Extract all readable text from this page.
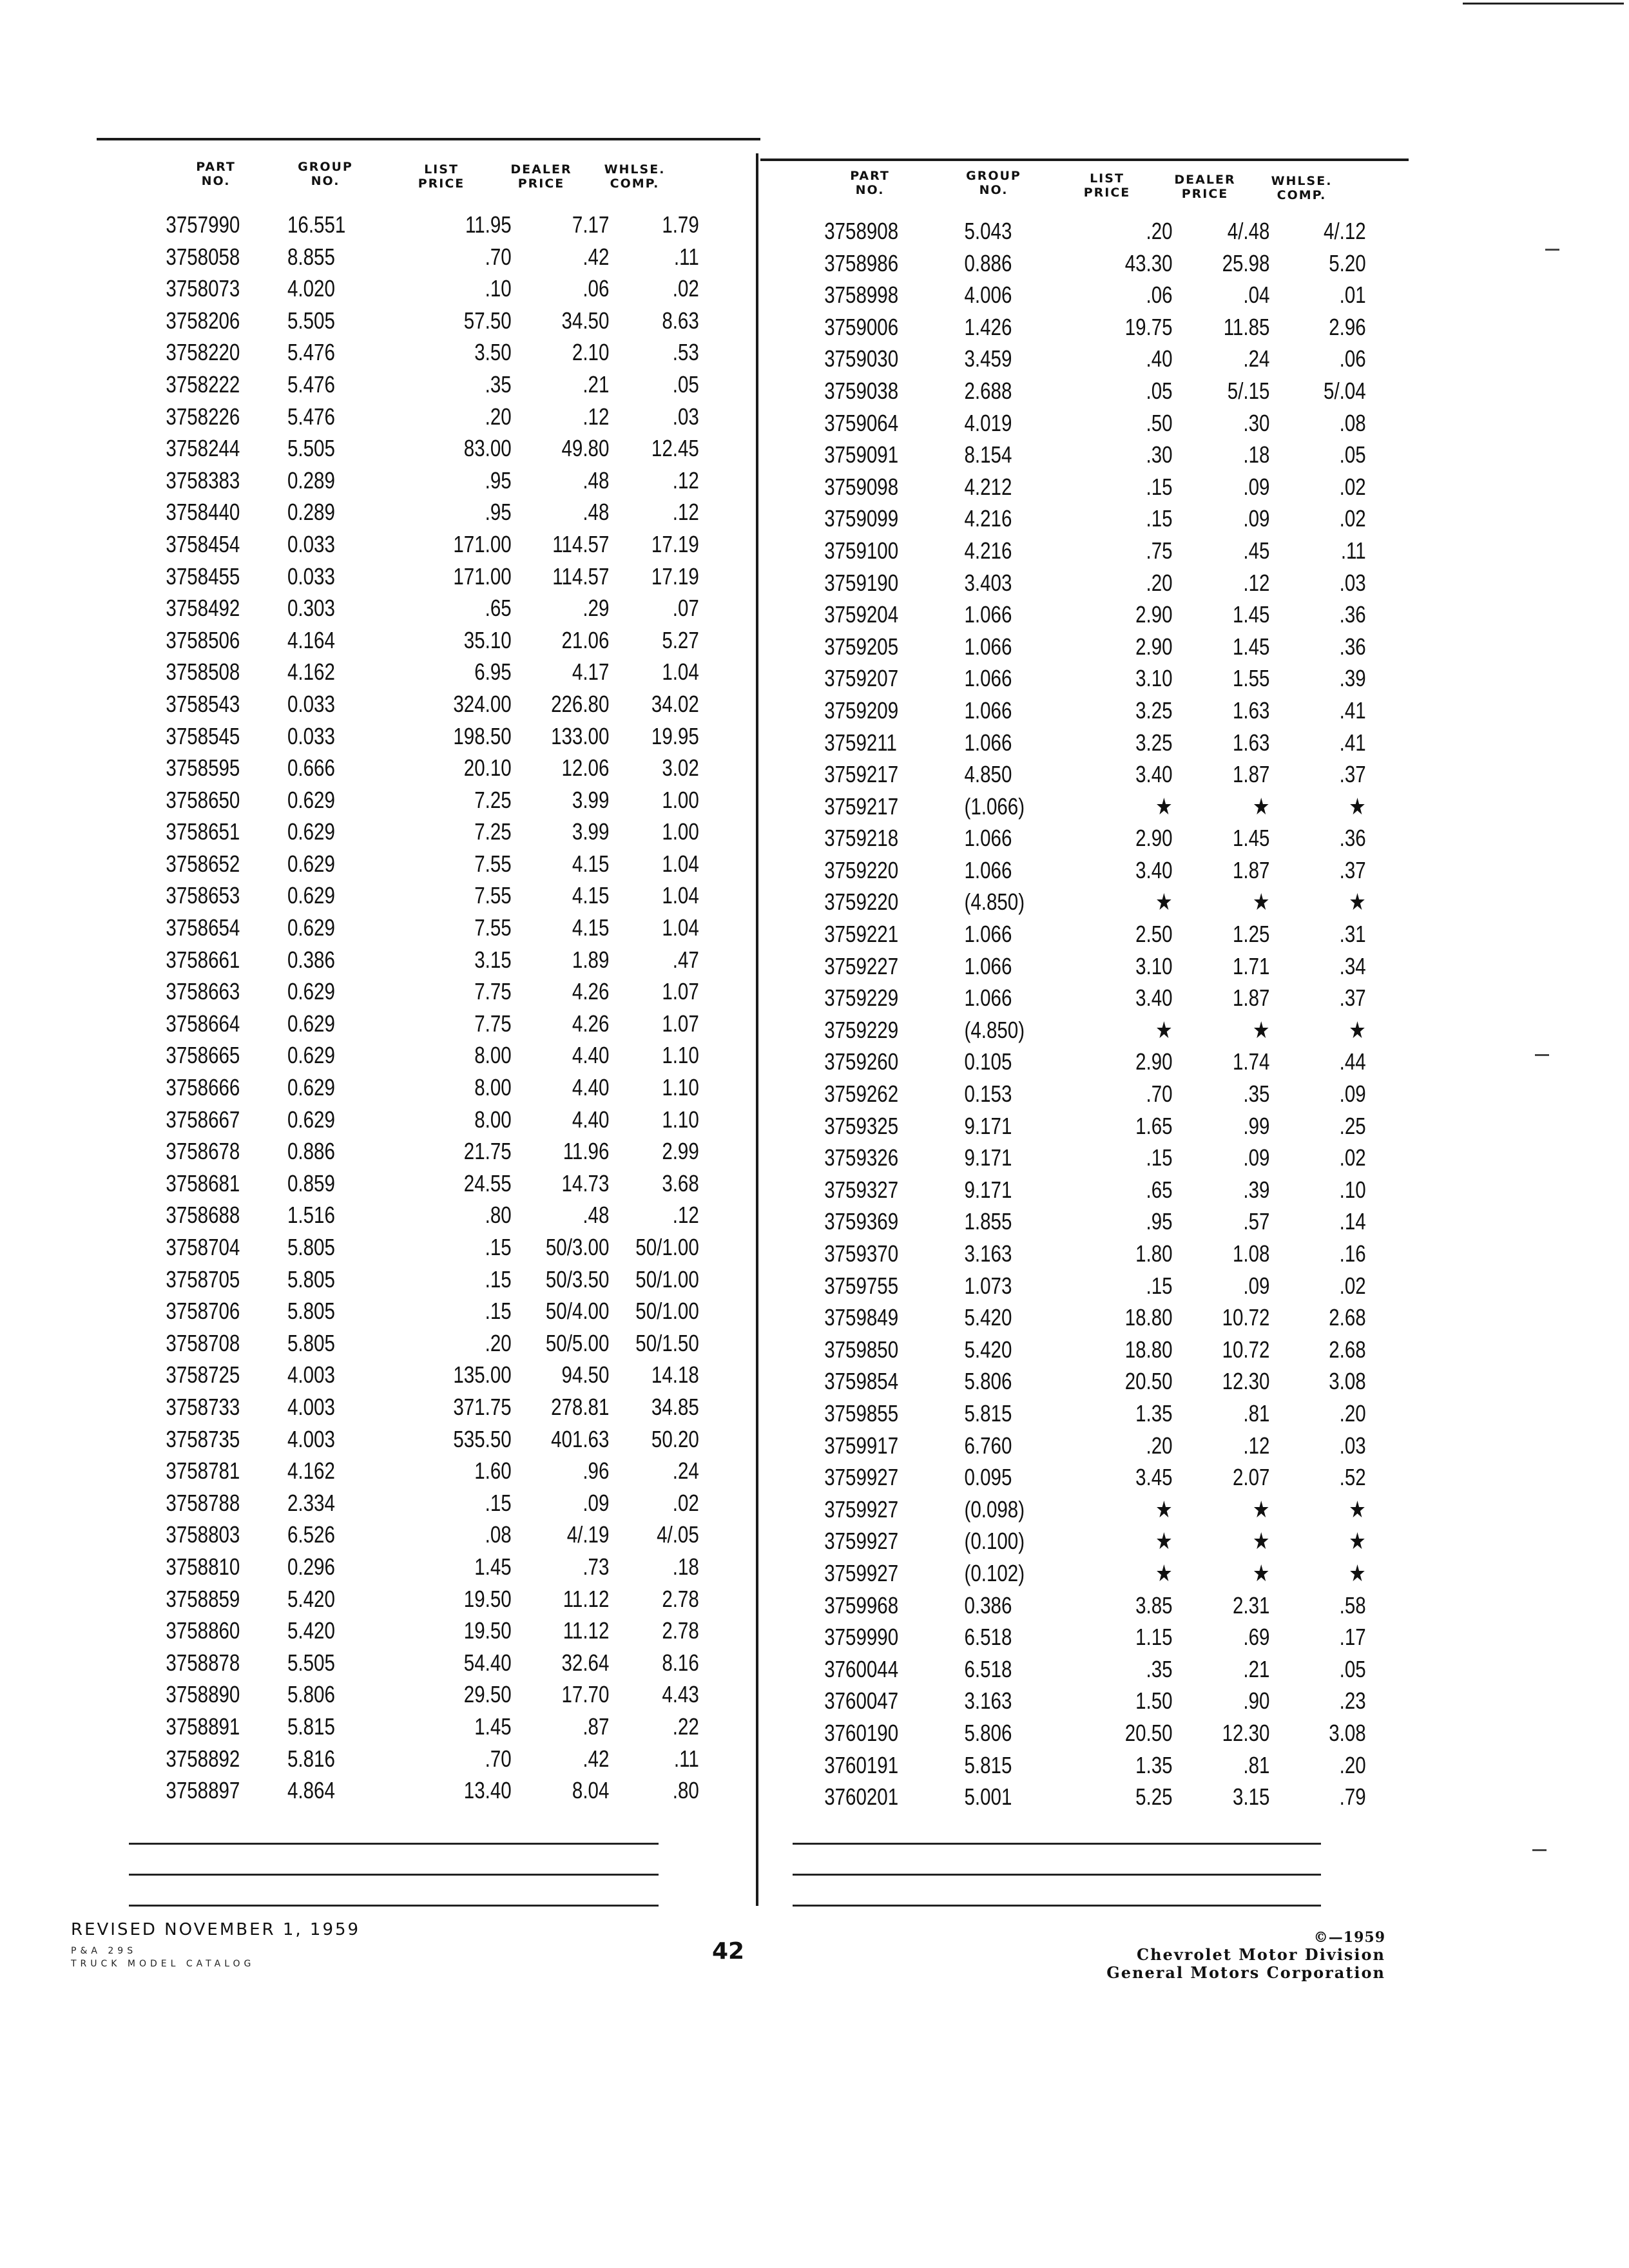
PART
NO.
GROUP
NO.
LIST
PRICE
DEALER
PRICE
WHLSE.
COMP.
3757990 16.551	11.95	7.17 1.79
3758058 8.855	.70	.42	.11
3758073 4.020	.10	.06	.02
3758206 5.505	57.50 34.50 8.63
3758220 5.476	3.50	2.10	.53
3758222 5.476	.35	.21	.05
3758226 5.476	.20	.12	.03
3758244 5.505	83.00 49.80 12.45
3758383 0.289	.95	.48	.12
3758440 0.289	.95	.48	.12
3758454 0.033	171.00 114.57 17.19
3758455 0.033	171.00 114.57 17.19
3758492 0.303	.65	.29	.07
3758506 4.164	35.10 21.06 5.27
3758508 4.162	6.95	4.17 1.04
3758543 0.033	324.00 226.80 34.02
3758545 0.033	198.50 133.00 19.95
3758595 0.666	20.10 12.06 3.02
3758650 0.629	7.25	3.99 1.00
3758651 0.629	7.25	3.99 1.00
3758652 0.629	7.55	4.15 1.04
3758653 0.629	7.55	4.15 1.04
3758654 0.629	7.55	4.15 1.04
3758661 0.386	3.15	1.89	.47
3758663 0.629	7.75	4.26 1.07
3758664 0.629	7.75	4.26 1.07
3758665 0.629	8.00	4.40 1.10
3758666 0.629	8.00	4.40 1.10
3758667 0.629	8.00	4.40 1.10
3758678 0.886	21.75 11.96 2.99
3758681 0.859	24.55 14.73 3.68
3758688 1.516	.80	.48	.12
3758704 5.805	.15 50/3.00 50/1.00
3758705 5.805	.15 50/3.50 50/1.00
3758706 5.805	.15 50/4.00 50/1.00
3758708 5.805	.20 50/5.00 50/1.50
3758725 4.003	135.00 94.50 14.18
3758733 4.003	371.75 278.81 34.85
3758735 4.003	535.50 401.63 50.20
3758781 4.162	1.60	.96	.24
3758788 2.334	.15	.09	.02
3758803 6.526	.08 4/.19 4/.05
3758810 0.296	1.45	.73	.18
3758859 5.420	19.50 11.12 2.78
3758860 5.420	19.50 11.12 2.78
3758878 5.505	54.40 32.64 8.16
3758890 5.806	29.50 17.70 4.43
3758891 5.815	1.45	.87	.22
3758892 5.816	.70	.42	.11
3758897 4.864	13.40	8.04	.80
PART
NO.
GROUP
NO.
LIST
PRICE
DEALER
PRICE
WHLSE.
COMP.
3758908	5.043	.20 4/.48 4/.12
3758986	0.886	43.30 25.98	5.20
3758998	4.006	.06	.04	.01
3759006	1.426	19.75 11.85	2.96
3759030	3.459	.40	.24	.06
3759038	2.688	.05 5/.15 5/.04
3759064	4.019	.50	.30	.08
3759091	8.154	.30	.18	.05
3759098	4.212	.15	.09	.02
3759099	4.216	.15	.09	.02
3759100	4.216	.75	.45	.11
3759190	3.403	.20	.12	.03
3759204	1.066	2.90	1.45	.36
3759205	1.066	2.90	1.45	.36
3759207	1.066	3.10	1.55	.39
3759209	1.066	3.25	1.63	.41
3759211	1.066	3.25	1.63	.41
3759217	4.850	3.40	1.87	.37
3759217	(1.066)	★	★	★
3759218	1.066	2.90	1.45	.36
3759220	1.066	3.40	1.87	.37
3759220	(4.850)	★	★	★
3759221	1.066	2.50	1.25	.31
3759227	1.066	3.10	1.71	.34
3759229	1.066	3.40	1.87	.37
3759229	(4.850)	★	★	★
3759260	0.105	2.90	1.74	.44
3759262	0.153	.70	.35	.09
3759325	9.171	1.65	.99	.25
3759326	9.171	.15	.09	.02
3759327	9.171	.65	.39	.10
3759369	1.855	.95	.57	.14
3759370	3.163	1.80	1.08	.16
3759755	1.073	.15	.09	.02
3759849	5.420	18.80 10.72	2.68
3759850	5.420	18.80 10.72	2.68
3759854	5.806	20.50 12.30	3.08
3759855	5.815	1.35	.81	.20
3759917	6.760	.20	.12	.03
3759927	0.095	3.45	2.07	.52
3759927	(0.098)	★	★	★
3759927	(0.100)	★	★	★
3759927	(0.102)	★	★	★
3759968	0.386	3.85	2.31	.58
3759990	6.518	1.15	.69	.17
3760044	6.518	.35	.21	.05
3760047	3.163	1.50	.90	.23
3760190	5.806	20.50 12.30	3.08
3760191	5.815	1.35	.81	.20
3760201	5.001	5.25	3.15	.79
REVISED NOVEMBER 1, 1959
P&A 29S
TRUCK MODEL CATALOG	42
©—1959
Chevrolet Motor Division
General Motors Corporation
